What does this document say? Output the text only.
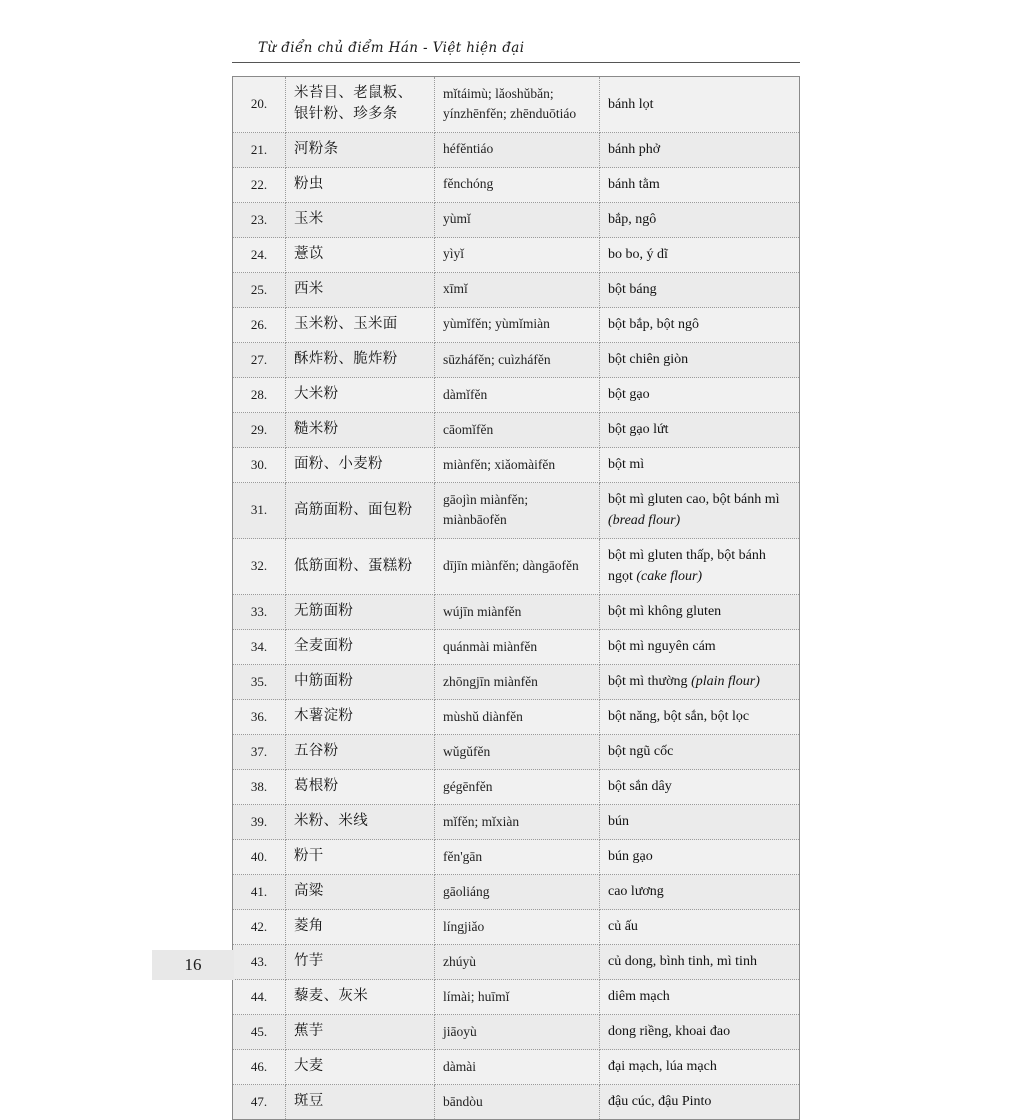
Từ điển chủ điểm Hán - Việt hiện đại
20.	米苔目、老鼠粄、银针粉、珍多条	mǐtáimù; lǎoshǔbǎn; yínzhēnfěn; zhēnduōtiáo	bánh lọt
21.	河粉条	héfěntiáo	bánh phở
22.	粉虫	fěnchóng	bánh tằm
23.	玉米	yùmǐ	bắp, ngô
24.	薏苡	yìyǐ	bo bo, ý dĩ
25.	西米	xīmǐ	bột báng
26.	玉米粉、玉米面	yùmǐfěn; yùmǐmiàn	bột bắp, bột ngô
27.	酥炸粉、脆炸粉	sūzháfěn; cuìzháfěn	bột chiên giòn
28.	大米粉	dàmǐfěn	bột gạo
29.	糙米粉	cāomǐfěn	bột gạo lứt
30.	面粉、小麦粉	miànfěn; xiǎomàifěn	bột mì
31.	高筋面粉、面包粉	gāojìn miànfěn; miànbāofěn	bột mì gluten cao, bột bánh mì (bread flour)
32.	低筋面粉、蛋糕粉	dījīn miànfěn; dàngāofěn	bột mì gluten thấp, bột bánh ngọt (cake flour)
33.	无筋面粉	wújīn miànfěn	bột mì không gluten
34.	全麦面粉	quánmài miànfěn	bột mì nguyên cám
35.	中筋面粉	zhōngjīn miànfěn	bột mì thường (plain flour)
36.	木薯淀粉	mùshǔ diànfěn	bột năng, bột sắn, bột lọc
37.	五谷粉	wǔgǔfěn	bột ngũ cốc
38.	葛根粉	gégēnfěn	bột sắn dây
39.	米粉、米线	mǐfěn; mǐxiàn	bún
40.	粉干	fěn'gān	bún gạo
41.	高粱	gāoliáng	cao lương
42.	菱角	língjiǎo	củ ấu
43.	竹芋	zhúyù	củ dong, bình tinh, mì tinh
44.	藜麦、灰米	límài; huīmǐ	diêm mạch
45.	蕉芋	jiāoyù	dong riềng, khoai đao
46.	大麦	dàmài	đại mạch, lúa mạch
47.	斑豆	bāndòu	đậu cúc, đậu Pinto
16
